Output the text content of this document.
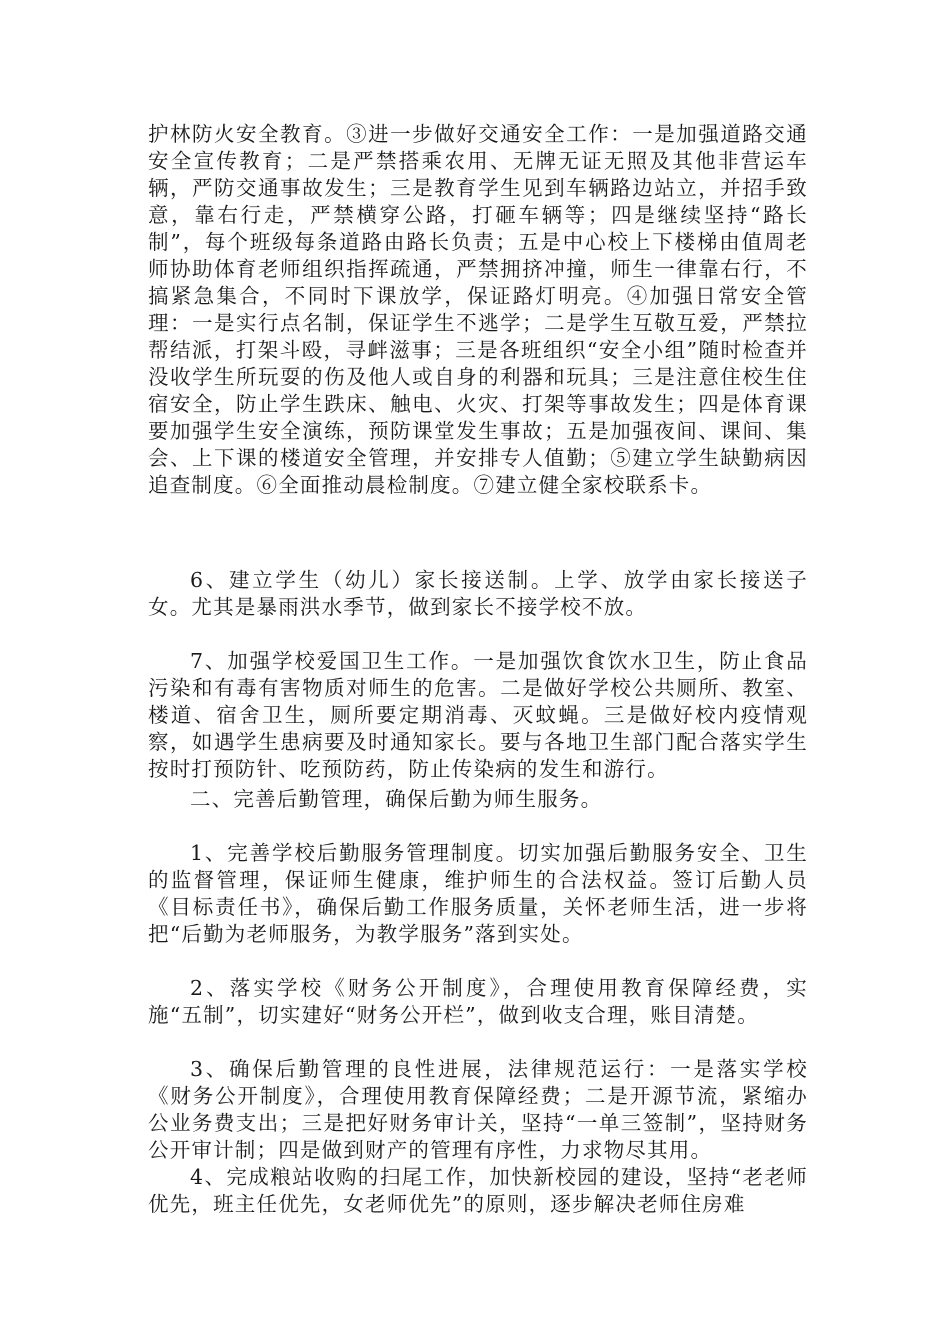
护林防火安全教育。③进一步做好交通安全工作：一是加强道路交通安全宣传教育；二是严禁搭乘农用、无牌无证无照及其他非营运车辆，严防交通事故发生；三是教育学生见到车辆路边站立，并招手致意，靠右行走，严禁横穿公路，打砸车辆等；四是继续坚持“路长制”，每个班级每条道路由路长负责；五是中心校上下楼梯由值周老师协助体育老师组织指挥疏通，严禁拥挤冲撞，师生一律靠右行，不搞紧急集合，不同时下课放学，保证路灯明亮。④加强日常安全管理：一是实行点名制，保证学生不逃学；二是学生互敬互爱，严禁拉帮结派，打架斗殴，寻衅滋事；三是各班组织“安全小组”随时检查并没收学生所玩耍的伤及他人或自身的利器和玩具；三是注意住校生住宿安全，防止学生跌床、触电、火灾、打架等事故发生；四是体育课要加强学生安全演练，预防课堂发生事故；五是加强夜间、课间、集会、上下课的楼道安全管理，并安排专人值勤；⑤建立学生缺勤病因追查制度。⑥全面推动晨检制度。⑦建立健全家校联系卡。

6、建立学生（幼儿）家长接送制。上学、放学由家长接送子女。尤其是暴雨洪水季节，做到家长不接学校不放。

7、加强学校爱国卫生工作。一是加强饮食饮水卫生，防止食品污染和有毒有害物质对师生的危害。二是做好学校公共厕所、教室、楼道、宿舍卫生，厕所要定期消毒、灭蚊蝇。三是做好校内疫情观察，如遇学生患病要及时通知家长。要与各地卫生部门配合落实学生按时打预防针、吃预防药，防止传染病的发生和游行。

二、完善后勤管理，确保后勤为师生服务。

1、完善学校后勤服务管理制度。切实加强后勤服务安全、卫生的监督管理，保证师生健康，维护师生的合法权益。签订后勤人员《目标责任书》，确保后勤工作服务质量，关怀老师生活，进一步将把“后勤为老师服务，为教学服务”落到实处。

2、落实学校《财务公开制度》，合理使用教育保障经费，实施“五制”，切实建好“财务公开栏”，做到收支合理，账目清楚。

3、确保后勤管理的良性进展，法律规范运行：一是落实学校《财务公开制度》，合理使用教育保障经费；二是开源节流，紧缩办公业务费支出；三是把好财务审计关，坚持“一单三签制”，坚持财务公开审计制；四是做到财产的管理有序性，力求物尽其用。

4、完成粮站收购的扫尾工作，加快新校园的建设，坚持“老老师优先，班主任优先，女老师优先”的原则，逐步解决老师住房难
